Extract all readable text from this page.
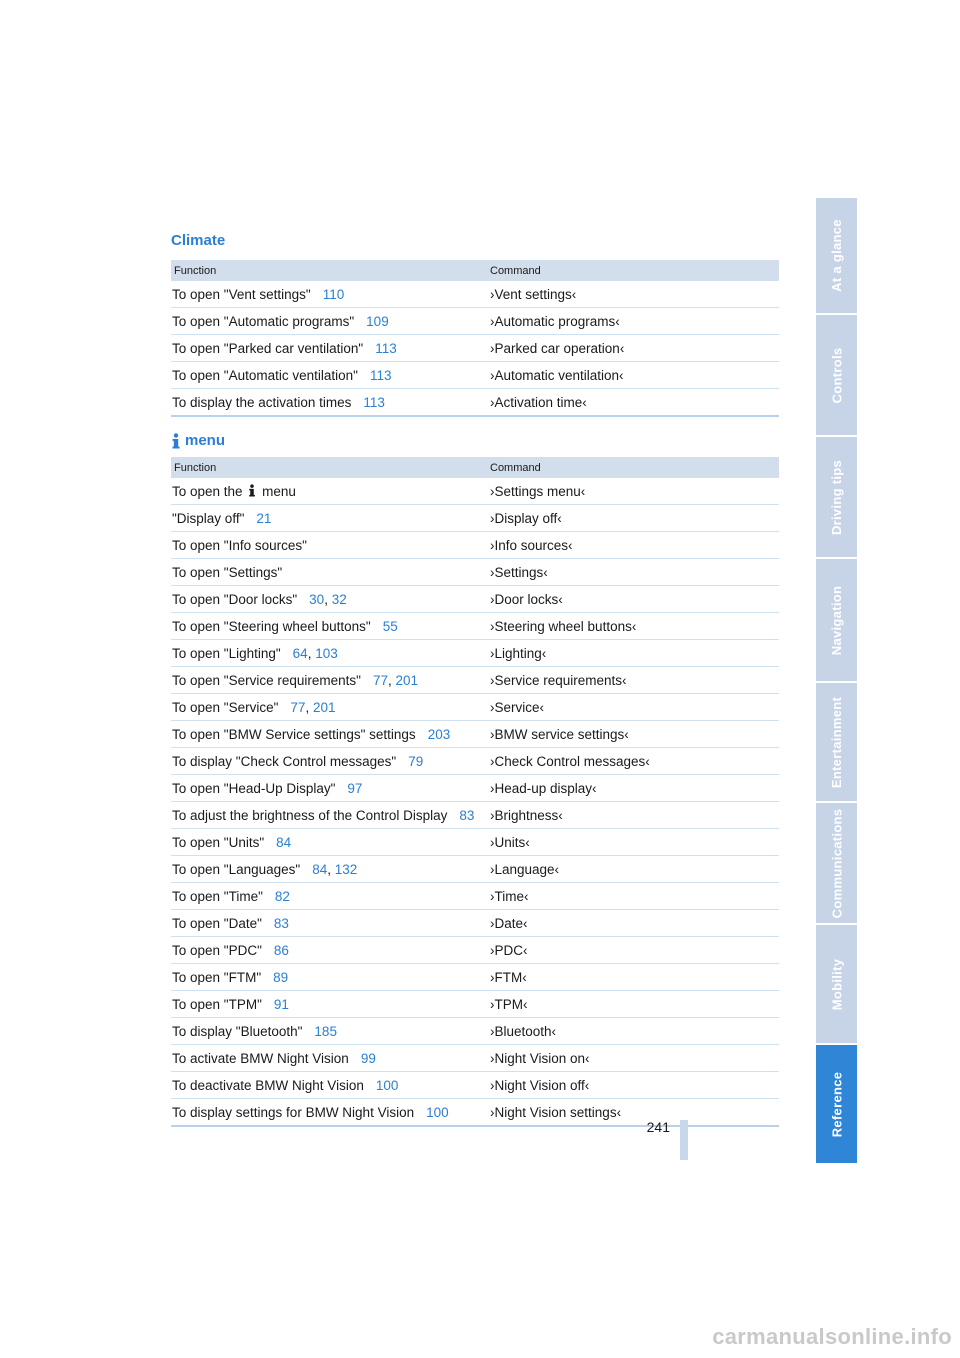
Climate
Function	Command
To open "Vent settings" 110	›Vent settings‹
To open "Automatic programs" 109	›Automatic programs‹
To open "Parked car ventilation" 113	›Parked car operation‹
To open "Automatic ventilation" 113	›Automatic ventilation‹
To display the activation times 113	›Activation time‹
menu
Function	Command
To open the menu	›Settings menu‹
"Display off" 21	›Display off‹
To open "Info sources"	›Info sources‹
To open "Settings"	›Settings‹
To open "Door locks" 30, 32	›Door locks‹
To open "Steering wheel buttons" 55	›Steering wheel buttons‹
To open "Lighting" 64, 103	›Lighting‹
To open "Service requirements" 77, 201	›Service requirements‹
To open "Service" 77, 201	›Service‹
To open "BMW Service settings" settings 203	›BMW service settings‹
To display "Check Control messages" 79	›Check Control messages‹
To open "Head-Up Display" 97	›Head-up display‹
To adjust the brightness of the Control Display 83	›Brightness‹
To open "Units" 84	›Units‹
To open "Languages" 84, 132	›Language‹
To open "Time" 82	›Time‹
To open "Date" 83	›Date‹
To open "PDC" 86	›PDC‹
To open "FTM" 89	›FTM‹
To open "TPM" 91	›TPM‹
To display "Bluetooth" 185	›Bluetooth‹
To activate BMW Night Vision 99	›Night Vision on‹
To deactivate BMW Night Vision 100	›Night Vision off‹
To display settings for BMW Night Vision 100	›Night Vision settings‹
At a glance
Controls
Driving tips
Navigation
Entertainment
Communications
Mobility
Reference
241
carmanualsonline.info
